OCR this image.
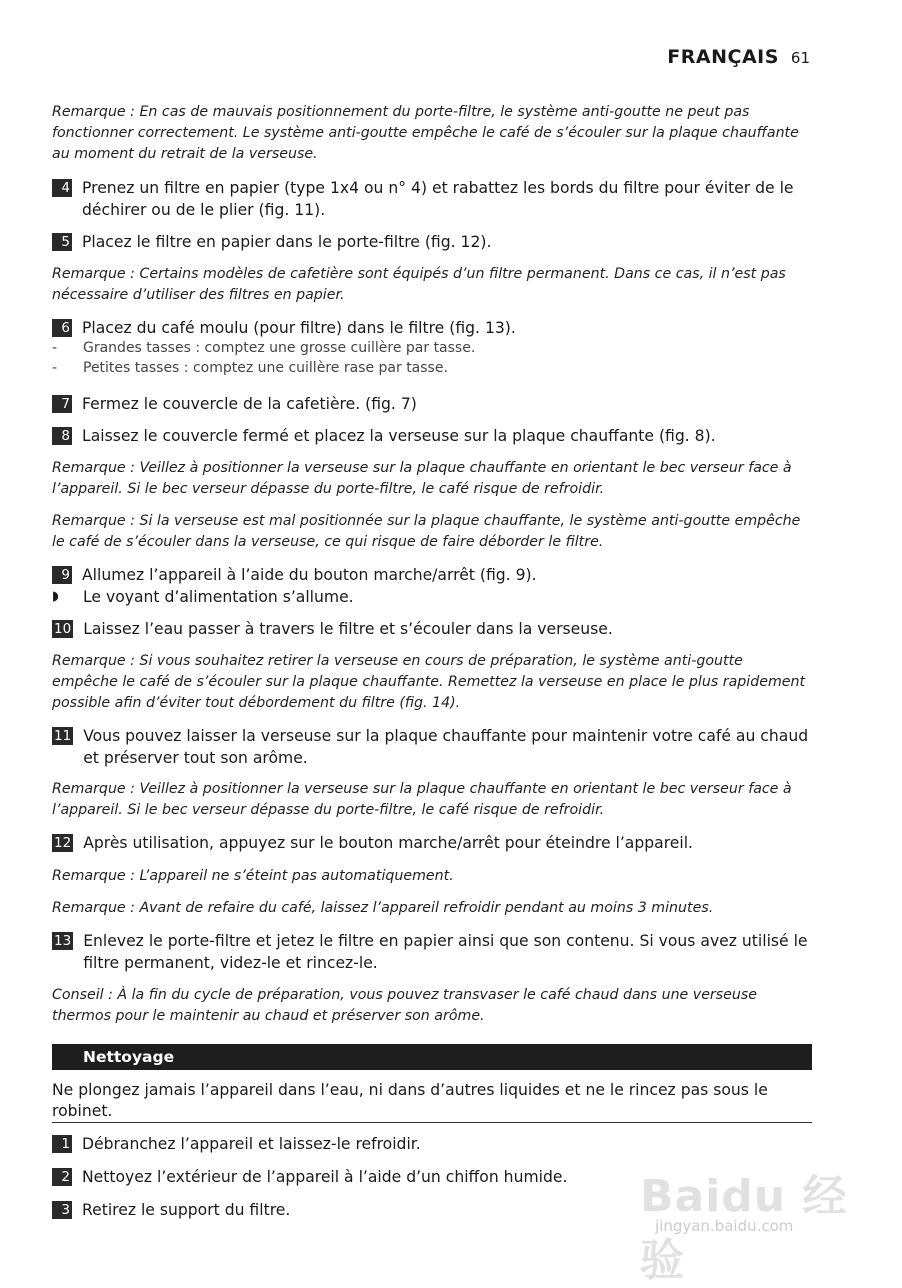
FRANÇAIS 61
Remarque : En cas de mauvais positionnement du porte-filtre, le système anti-goutte ne peut pas fonctionner correctement. Le système anti-goutte empêche le café de s’écouler sur la plaque chauffante au moment du retrait de la verseuse.
4 Prenez un filtre en papier (type 1x4 ou n° 4) et rabattez les bords du filtre pour éviter de le déchirer ou de le plier (fig. 11).
5 Placez le filtre en papier dans le porte-filtre (fig. 12).
Remarque : Certains modèles de cafetière sont équipés d’un filtre permanent. Dans ce cas, il n’est pas nécessaire d’utiliser des filtres en papier.
6 Placez du café moulu (pour filtre) dans le filtre (fig. 13).
-	Grandes tasses : comptez une grosse cuillère par tasse.
-	Petites tasses : comptez une cuillère rase par tasse.
7 Fermez le couvercle de la cafetière. (fig. 7)
8 Laissez le couvercle fermé et placez la verseuse sur la plaque chauffante (fig. 8).
Remarque : Veillez à positionner la verseuse sur la plaque chauffante en orientant le bec verseur face à l’appareil. Si le bec verseur dépasse du porte-filtre, le café risque de refroidir.
Remarque : Si la verseuse est mal positionnée sur la plaque chauffante, le système anti-goutte empêche le café de s’écouler dans la verseuse, ce qui risque de faire déborder le filtre.
9 Allumez l’appareil à l’aide du bouton marche/arrêt (fig. 9).
◗	Le voyant d’alimentation s’allume.
10 Laissez l’eau passer à travers le filtre et s’écouler dans la verseuse.
Remarque : Si vous souhaitez retirer la verseuse en cours de préparation, le système anti-goutte empêche le café de s’écouler sur la plaque chauffante. Remettez la verseuse en place le plus rapidement possible afin d’éviter tout débordement du filtre (fig. 14).
11 Vous pouvez laisser la verseuse sur la plaque chauffante pour maintenir votre café au chaud et préserver tout son arôme.
Remarque : Veillez à positionner la verseuse sur la plaque chauffante en orientant le bec verseur face à l’appareil. Si le bec verseur dépasse du porte-filtre, le café risque de refroidir.
12 Après utilisation, appuyez sur le bouton marche/arrêt pour éteindre l’appareil.
Remarque : L’appareil ne s’éteint pas automatiquement.
Remarque : Avant de refaire du café, laissez l’appareil refroidir pendant au moins 3 minutes.
13 Enlevez le porte-filtre et jetez le filtre en papier ainsi que son contenu. Si vous avez utilisé le filtre permanent, videz-le et rincez-le.
Conseil : À la fin du cycle de préparation, vous pouvez transvaser le café chaud dans une verseuse thermos pour le maintenir au chaud et préserver son arôme.
Nettoyage
Ne plongez jamais l’appareil dans l’eau, ni dans d’autres liquides et ne le rincez pas sous le robinet.
1 Débranchez l’appareil et laissez-le refroidir.
2 Nettoyez l’extérieur de l’appareil à l’aide d’un chiffon humide.
3 Retirez le support du filtre.	Baidu 经验
jingyan.baidu.com
